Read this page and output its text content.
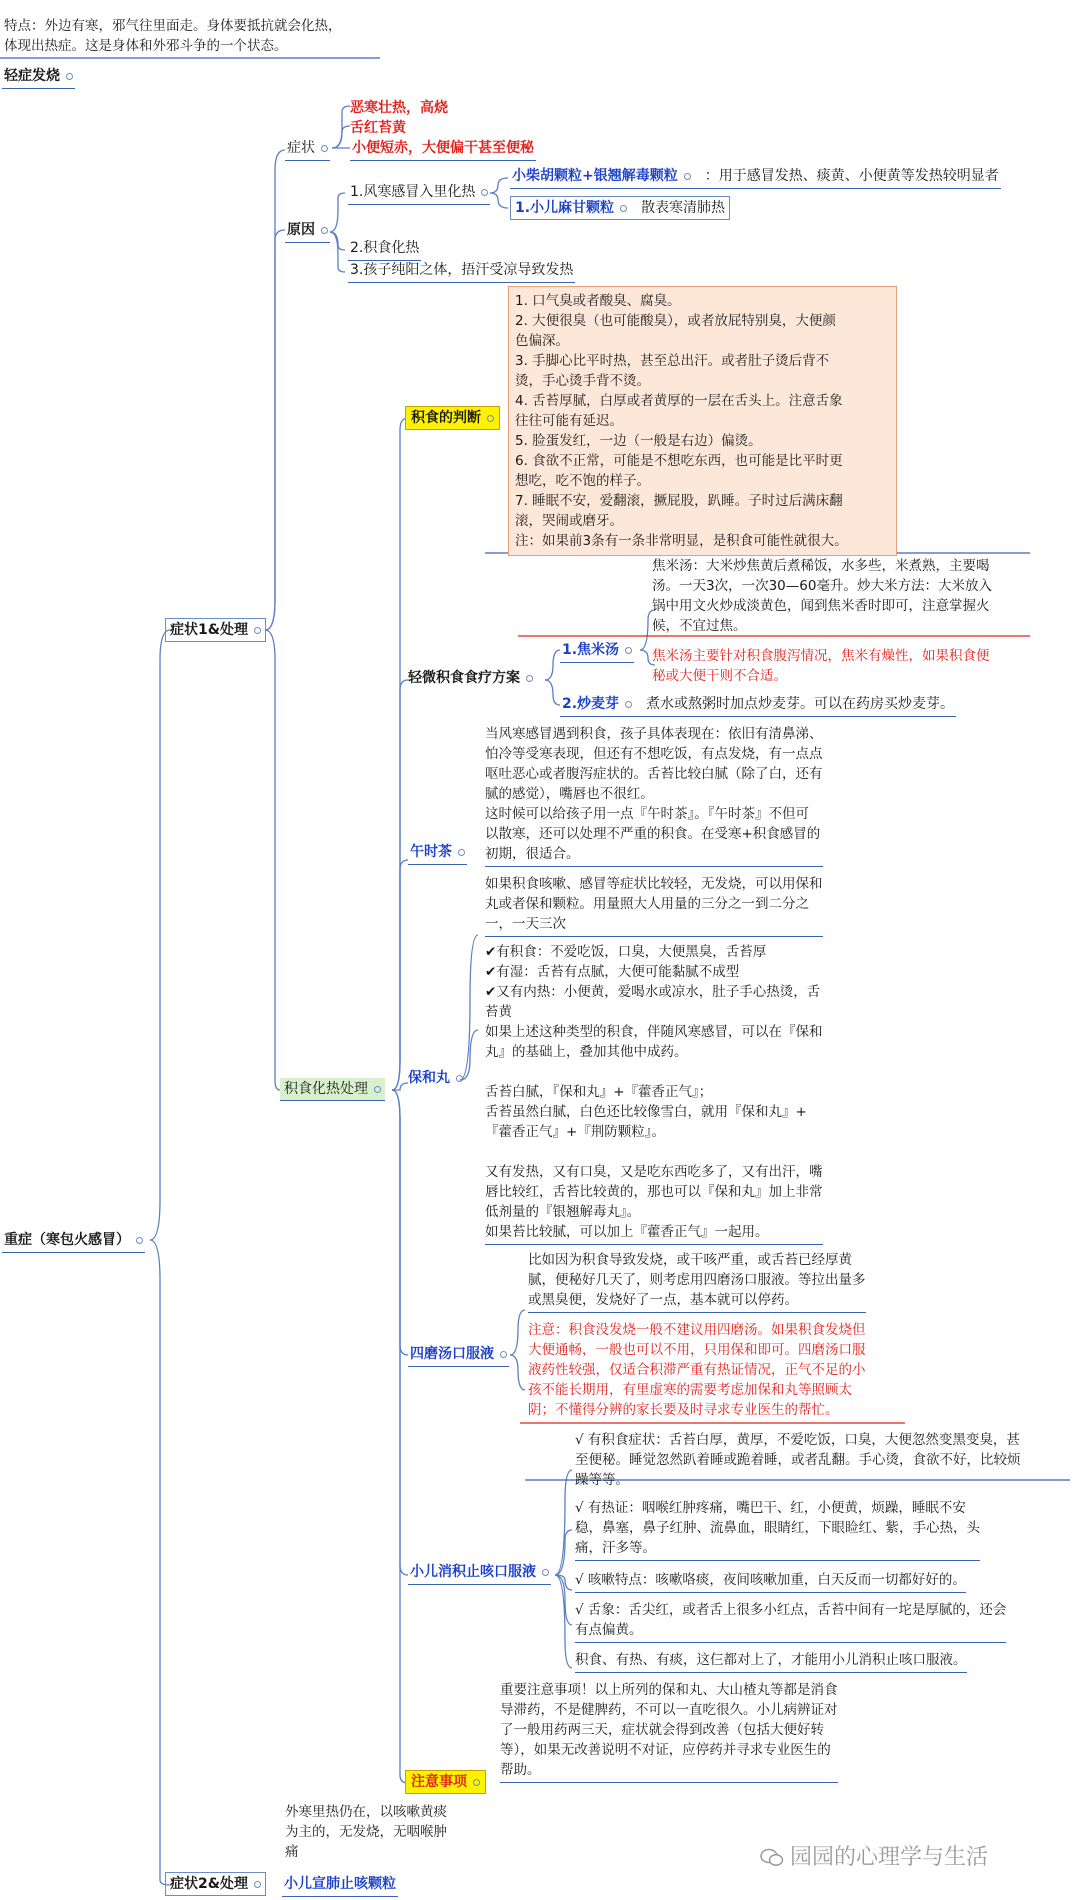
特点：外边有寒，邪气往里面走。身体要抵抗就会化热，
体现出热症。这是身体和外邪斗争的一个状态。
轻症发烧
重症（寒包火感冒）
症状1&处理
症状
恶寒壮热，高烧
舌红苔黄
小便短赤，大便偏干甚至便秘
原因
1.风寒感冒入里化热
小柴胡颗粒+银翘解毒颗粒 ：用于感冒发热、痰黄、小便黄等发热较明显者
1.小儿麻甘颗粒 散表寒清肺热
2.积食化热
3.孩子纯阳之体，捂汗受凉导致发热
积食化热处理
积食的判断
1. 口气臭或者酸臭、腐臭。
2. 大便很臭（也可能酸臭），或者放屁特别臭，大便颜
色偏深。
3. 手脚心比平时热，甚至总出汗。或者肚子烫后背不
烫，手心烫手背不烫。
4. 舌苔厚腻，白厚或者黄厚的一层在舌头上。注意舌象
往往可能有延迟。
5. 脸蛋发红，一边（一般是右边）偏烫。
6. 食欲不正常，可能是不想吃东西，也可能是比平时更
想吃，吃不饱的样子。
7. 睡眠不安，爱翻滚，撅屁股，趴睡。子时过后满床翻
滚，哭闹或磨牙。
注：如果前3条有一条非常明显，是积食可能性就很大。
轻微积食食疗方案
1.焦米汤
焦米汤：大米炒焦黄后煮稀饭，水多些，米煮熟，主要喝
汤。一天3次，一次30—60毫升。炒大米方法：大米放入
锅中用文火炒成淡黄色，闻到焦米香时即可，注意掌握火
候，不宜过焦。
焦米汤主要针对积食腹泻情况，焦米有燥性，如果积食便
秘或大便干则不合适。
2.炒麦芽 煮水或熬粥时加点炒麦芽。可以在药房买炒麦芽。
午时茶
当风寒感冒遇到积食，孩子具体表现在：依旧有清鼻涕、
怕冷等受寒表现，但还有不想吃饭，有点发烧，有一点点
呕吐恶心或者腹泻症状的。舌苔比较白腻（除了白，还有
腻的感觉），嘴唇也不很红。
这时候可以给孩子用一点『午时茶』。『午时茶』不但可
以散寒，还可以处理不严重的积食。在受寒+积食感冒的
初期，很适合。
保和丸
如果积食咳嗽、感冒等症状比较轻，无发烧，可以用保和
丸或者保和颗粒。用量照大人用量的三分之一到二分之
一，一天三次
✔有积食：不爱吃饭，口臭，大便黑臭，舌苔厚
✔有湿：舌苔有点腻，大便可能黏腻不成型
✔又有内热：小便黄，爱喝水或凉水，肚子手心热烫，舌
苔黄
如果上述这种类型的积食，伴随风寒感冒，可以在『保和
丸』的基础上，叠加其他中成药。

舌苔白腻，『保和丸』+『藿香正气』；
舌苔虽然白腻，白色还比较像雪白，就用『保和丸』+
『藿香正气』+『荆防颗粒』。

又有发热，又有口臭，又是吃东西吃多了，又有出汗，嘴
唇比较红，舌苔比较黄的，那也可以『保和丸』加上非常
低剂量的『银翘解毒丸』。
如果苔比较腻，可以加上『藿香正气』一起用。
四磨汤口服液
比如因为积食导致发烧，或干咳严重，或舌苔已经厚黄
腻，便秘好几天了，则考虑用四磨汤口服液。等拉出量多
或黑臭便，发烧好了一点，基本就可以停药。
注意：积食没发烧一般不建议用四磨汤。如果积食发烧但
大便通畅，一般也可以不用，只用保和即可。四磨汤口服
液药性较强，仅适合积滞严重有热证情况，正气不足的小
孩不能长期用，有里虚寒的需要考虑加保和丸等照顾太
阴；不懂得分辨的家长要及时寻求专业医生的帮忙。
小儿消积止咳口服液
√ 有积食症状：舌苔白厚，黄厚，不爱吃饭，口臭，大便忽然变黑变臭，甚
至便秘。睡觉忽然趴着睡或跪着睡，或者乱翻。手心烫，食欲不好，比较烦
躁等等。
√ 有热证：咽喉红肿疼痛，嘴巴干、红，小便黄，烦躁，睡眠不安
稳，鼻塞，鼻子红肿、流鼻血，眼睛红，下眼睑红、紫，手心热，头
痛，汗多等。
√ 咳嗽特点：咳嗽咯痰，夜间咳嗽加重，白天反而一切都好好的。
√ 舌象：舌尖红，或者舌上很多小红点，舌苔中间有一坨是厚腻的，还会
有点偏黄。
积食、有热、有痰，这仨都对上了，才能用小儿消积止咳口服液。
注意事项
重要注意事项！以上所列的保和丸、大山楂丸等都是消食
导滞药，不是健脾药，不可以一直吃很久。小儿病辨证对
了一般用药两三天，症状就会得到改善（包括大便好转
等），如果无改善说明不对证，应停药并寻求专业医生的
帮助。
外寒里热仍在，以咳嗽黄痰
为主的，无发烧，无咽喉肿
痛
症状2&处理	小儿宣肺止咳颗粒
园园的心理学与生活
